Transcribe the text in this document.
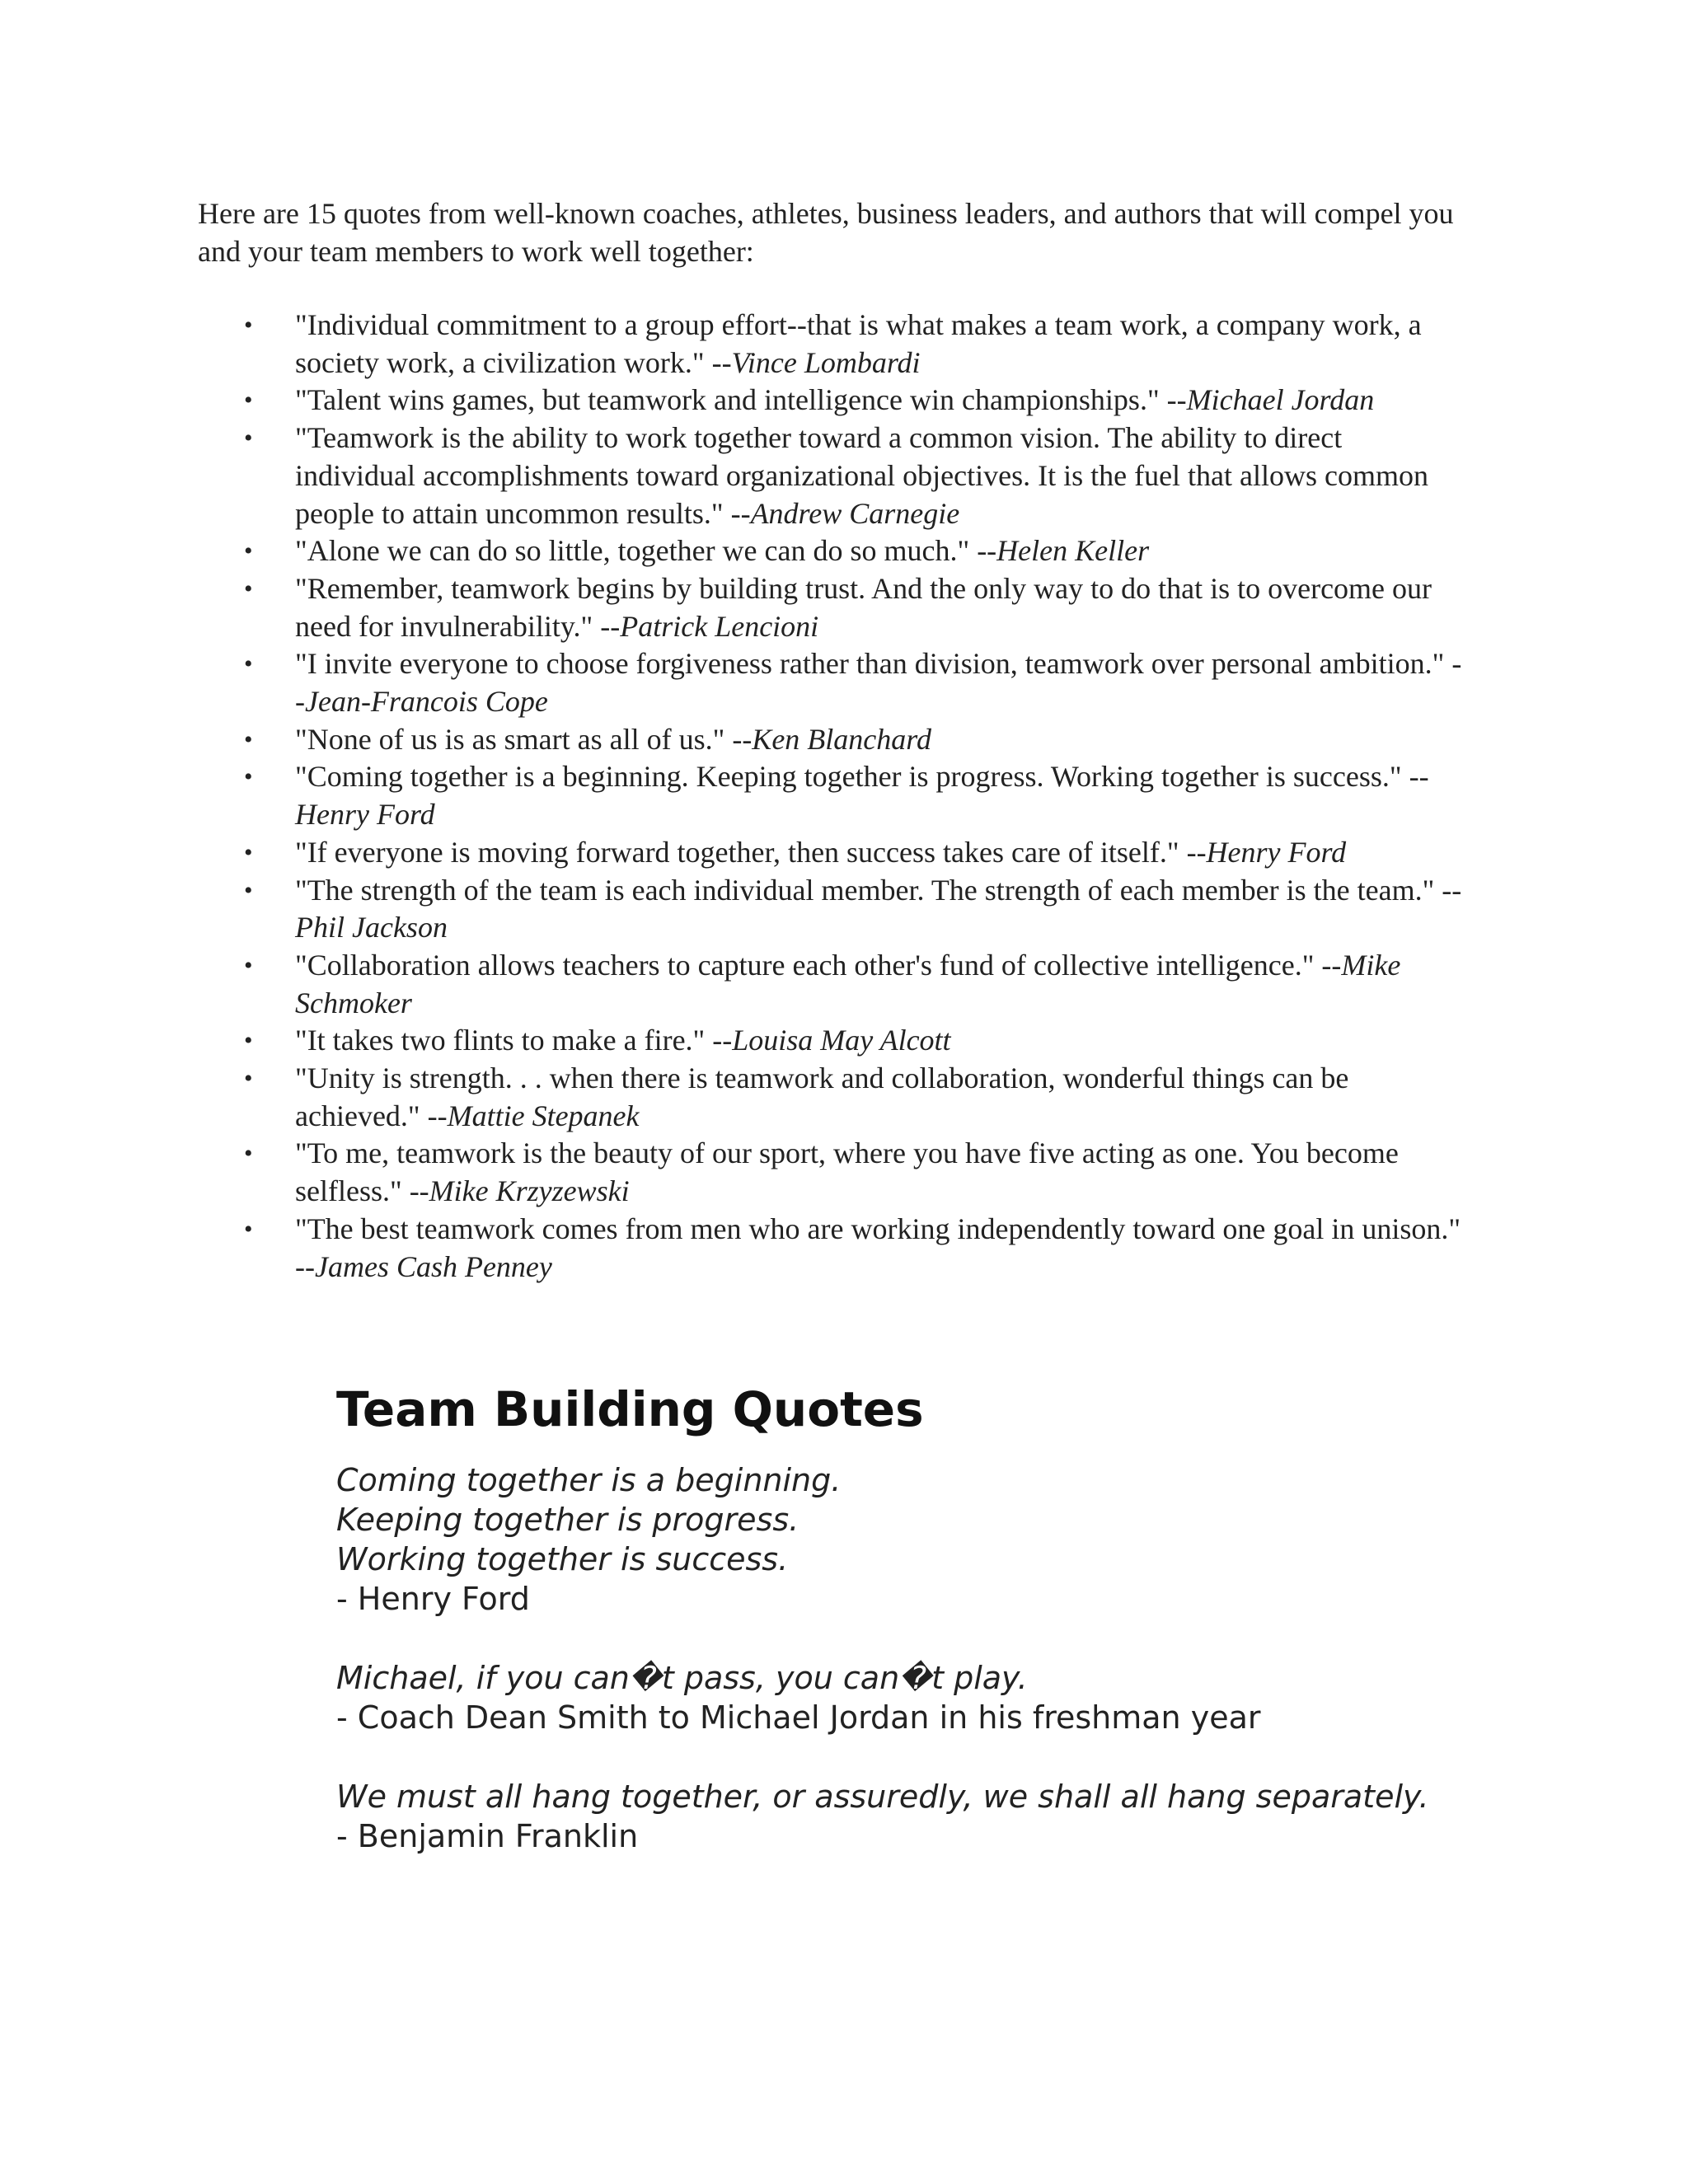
Here are 15 quotes from well-known coaches, athletes, business leaders, and authors that will compel you and your team members to work well together:

• "Individual commitment to a group effort--that is what makes a team work, a company work, a society work, a civilization work." --Vince Lombardi
• "Talent wins games, but teamwork and intelligence win championships." --Michael Jordan
• "Teamwork is the ability to work together toward a common vision. The ability to direct individual accomplishments toward organizational objectives. It is the fuel that allows common people to attain uncommon results." --Andrew Carnegie
• "Alone we can do so little, together we can do so much." --Helen Keller
• "Remember, teamwork begins by building trust. And the only way to do that is to overcome our need for invulnerability." --Patrick Lencioni
• "I invite everyone to choose forgiveness rather than division, teamwork over personal ambition." --Jean-Francois Cope
• "None of us is as smart as all of us." --Ken Blanchard
• "Coming together is a beginning. Keeping together is progress. Working together is success." --Henry Ford
• "If everyone is moving forward together, then success takes care of itself." --Henry Ford
• "The strength of the team is each individual member. The strength of each member is the team." --Phil Jackson
• "Collaboration allows teachers to capture each other's fund of collective intelligence." --Mike Schmoker
• "It takes two flints to make a fire." --Louisa May Alcott
• "Unity is strength. . . when there is teamwork and collaboration, wonderful things can be achieved." --Mattie Stepanek
• "To me, teamwork is the beauty of our sport, where you have five acting as one. You become selfless." --Mike Krzyzewski
• "The best teamwork comes from men who are working independently toward one goal in unison." --James Cash Penney
Team Building Quotes
Coming together is a beginning.
Keeping together is progress.
Working together is success.
- Henry Ford
Michael, if you can�t pass, you can�t play.
- Coach Dean Smith to Michael Jordan in his freshman year
We must all hang together, or assuredly, we shall all hang separately.
- Benjamin Franklin
